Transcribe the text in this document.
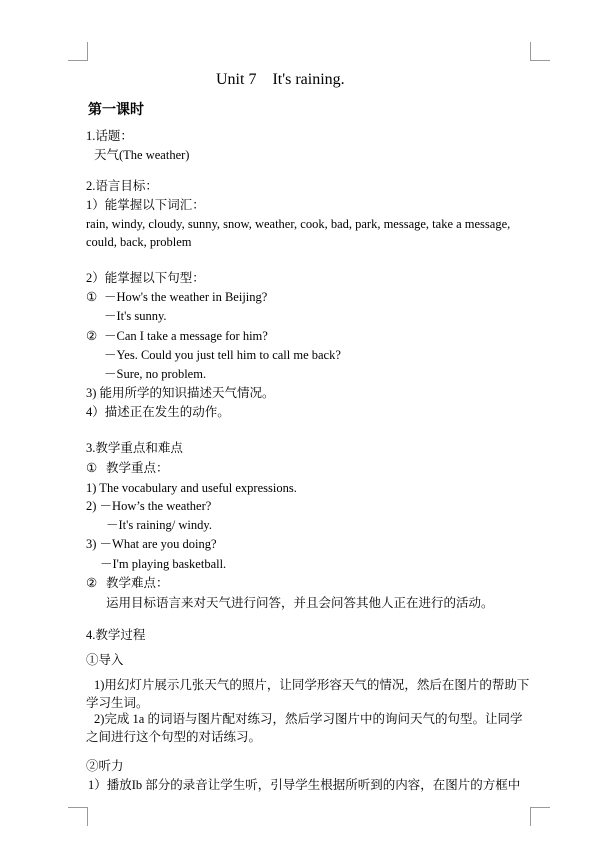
Unit 7    It's raining.
第一课时
1.话题：
天气(The weather)
2.语言目标：
1）能掌握以下词汇：
rain, windy, cloudy, sunny, snow, weather, cook, bad, park, message, take a message, could, back, problem
2）能掌握以下句型：
① －How's the weather in Beijing?
－It's sunny.
② －Can I take a message for him?
－Yes. Could you just tell him to call me back?
－Sure, no problem.
3) 能用所学的知识描述天气情况。
4）描述正在发生的动作。
3.教学重点和难点
① 教学重点：
1) The vocabulary and useful expressions.
2) －How’s the weather?
－It's raining/ windy.
3) －What are you doing?
－I'm playing basketball.
② 教学难点：
运用目标语言来对天气进行问答，并且会问答其他人正在进行的活动。
4.教学过程
①导入
1)用幻灯片展示几张天气的照片，让同学形容天气的情况，然后在图片的帮助下学习生词。
2)完成 1a 的词语与图片配对练习，然后学习图片中的询问天气的句型。让同学之间进行这个句型的对话练习。
②听力
1）播放Ib 部分的录音让学生听，引导学生根据所听到的内容，在图片的方框中
